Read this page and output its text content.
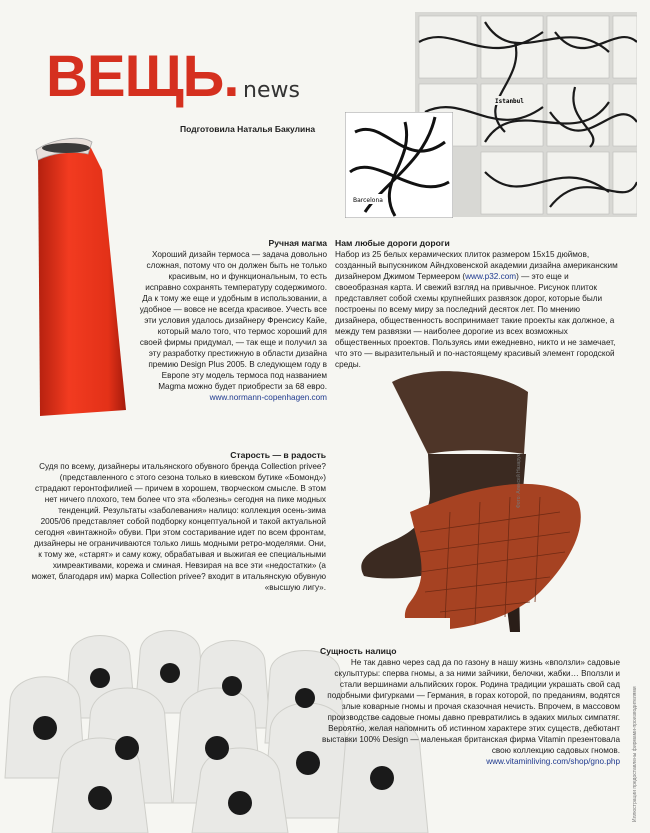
ВЕЩЬ. news
Подготовила Наталья Бакулина
Istanbul
Barcelona
Фото: Алексей Назарук
Ручная магма
Хороший дизайн термоса — задача довольно сложная, потому что он должен быть не только красивым, но и функциональным, то есть исправно сохранять температуру содержимого. Да к тому же еще и удобным в использовании, а удобное — вовсе не всегда красивое. Учесть все эти условия удалось дизайнеру Френсису Кайе, который мало того, что термос хороший для своей фирмы придумал, — так еще и получил за эту разработку престижную в области дизайна премию Design Plus 2005. В следующем году в Европе эту модель термоса под названием Magma можно будет приобрести за 68 евро.
www.normann-copenhagen.com
Нам любые дороги дороги
Набор из 25 белых керамических плиток размером 15х15 дюймов, созданный выпускником Айндховенской академии дизайна американским дизайнером Джимом Термеером (www.p32.com) — это еще и своеобразная карта. И свежий взгляд на привычное. Рисунок плиток представляет собой схемы крупнейших развязок дорог, которые были построены по всему миру за последний десяток лет. По мнению дизайнера, общественность воспринимает такие проекты как должное, а между тем развязки — наиболее дорогие из всех возможных общественных проектов. Пользуясь ими ежедневно, никто и не замечает, что это — выразительный и по-настоящему красивый элемент городской среды.
Старость — в радость
Судя по всему, дизайнеры итальянского обувного бренда Collection privee? (представленного с этого сезона только в киевском бутике «Бомонд») страдают геронтофилией — причем в хорошем, творческом смысле. В этом нет ничего плохого, тем более что эта «болезнь» сегодня на пике модных тенденций. Результаты «заболевания» налицо: коллекция осень-зима 2005/06 представляет собой подборку концептуальной и такой актуальной сегодня «винтажной» обуви. При этом состаривание идет по всем фронтам, дизайнеры не ограничиваются только лишь модными ретро-моделями. Они, к тому же, «старят» и саму кожу, обрабатывая и выжигая ее специальными химреактивами, корежа и сминая. Невзирая на все эти «недостатки» (а может, благодаря им) марка Collection privee? входит в итальянскую обувную «высшую лигу».
Сущность налицо
Не так давно через сад да по газону в нашу жизнь «вползли» садовые скульптуры: сперва гномы, а за ними зайчики, белочки, жабки… Вползли и стали вершинами альпийских горок. Родина традиции украшать свой сад подобными фигурками — Германия, в горах которой, по преданиям, водятся злые коварные гномы и прочая сказочная нечисть. Впрочем, в массовом производстве садовые гномы давно превратились в эдаких милых симпатяг. Вероятно, желая напомнить об истинном характере этих существ, дебютант выставки 100% Design — маленькая британская фирма Vitamin презентовала свою коллекцию садовых гномов.
www.vitaminliving.com/shop/gno.php Иллюстрации предоставлены фирмами-производителями
